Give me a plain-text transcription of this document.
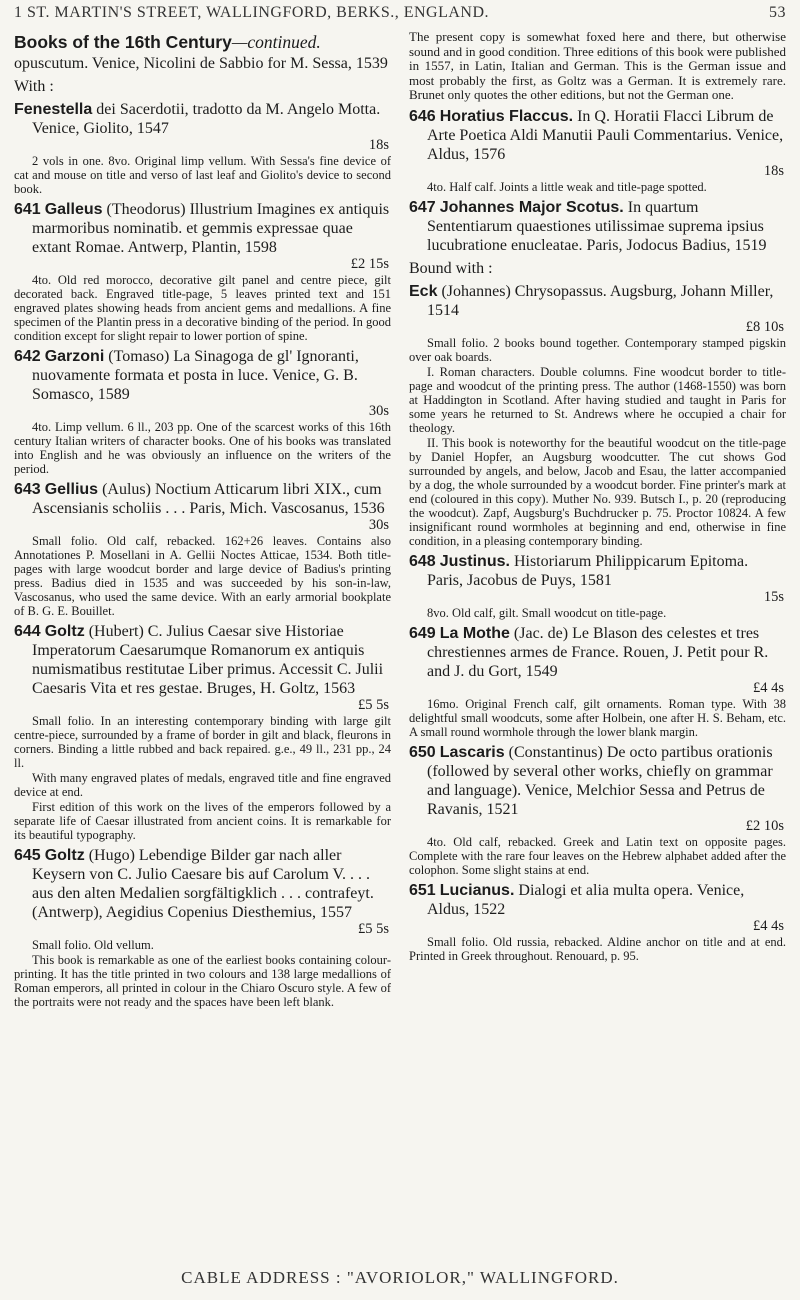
1 ST. MARTIN'S STREET, WALLINGFORD, BERKS., ENGLAND.	53
Books of the 16th Century—continued.

opuscutum. Venice, Nicolini de Sabbio for M. Sessa, 1539

With :

Fenestella dei Sacerdotii, tradotto da M. Angelo Motta. Venice, Giolito, 1547

18s

2 vols in one. 8vo. Original limp vellum. With Sessa's fine device of cat and mouse on title and verso of last leaf and Giolito's device to second book.

641 Galleus (Theodorus) Illustrium Imagines ex antiquis marmoribus nominatib. et gemmis expressae quae extant Romae. Antwerp, Plantin, 1598

£2 15s

4to. Old red morocco, decorative gilt panel and centre piece, gilt decorated back. Engraved title-page, 5 leaves printed text and 151 engraved plates showing heads from ancient gems and medallions. A fine specimen of the Plantin press in a decorative binding of the period. In good condition except for slight repair to lower portion of spine.

642 Garzoni (Tomaso) La Sinagoga de gl' Ignoranti, nuovamente formata et posta in luce. Venice, G. B. Somasco, 1589

30s

4to. Limp vellum. 6 ll., 203 pp. One of the scarcest works of this 16th century Italian writers of character books. One of his books was translated into English and he was obviously an influence on the writers of the period.

643 Gellius (Aulus) Noctium Atticarum libri XIX., cum Ascensianis scholiis . . . Paris, Mich. Vascosanus, 1536

30s

Small folio. Old calf, rebacked. 162+26 leaves. Contains also Annotationes P. Mosellani in A. Gellii Noctes Atticae, 1534. Both title-pages with large woodcut border and large device of Badius's printing press. Badius died in 1535 and was succeeded by his son-in-law, Vascosanus, who used the same device. With an early armorial bookplate of B. G. E. Bouillet.

644 Goltz (Hubert) C. Julius Caesar sive Historiae Imperatorum Caesarumque Romanorum ex antiquis numismatibus restitutae Liber primus. Accessit C. Julii Caesaris Vita et res gestae. Bruges, H. Goltz, 1563

£5 5s

Small folio. In an interesting contemporary binding with large gilt centre-piece, surrounded by a frame of border in gilt and black, fleurons in corners. Binding a little rubbed and back repaired. g.e., 49 ll., 231 pp., 24 ll.

With many engraved plates of medals, engraved title and fine engraved device at end.

First edition of this work on the lives of the emperors followed by a separate life of Caesar illustrated from ancient coins. It is remarkable for its beautiful typography.

645 Goltz (Hugo) Lebendige Bilder gar nach aller Keysern von C. Julio Caesare bis auf Carolum V. . . . aus den alten Medalien sorgfältigklich . . . contrafeyt. (Antwerp), Aegidius Copenius Diesthemius, 1557

£5 5s

Small folio. Old vellum.

This book is remarkable as one of the earliest books containing colour-printing. It has the title printed in two colours and 138 large medallions of Roman emperors, all printed in colour in the Chiaro Oscuro style. A few of the portraits were not ready and the spaces have been left blank.

The present copy is somewhat foxed here and there, but otherwise sound and in good condition. Three editions of this book were published in 1557, in Latin, Italian and German. This is the German issue and most probably the first, as Goltz was a German. It is extremely rare. Brunet only quotes the other editions, but not the German one.

646 Horatius Flaccus. In Q. Horatii Flacci Librum de Arte Poetica Aldi Manutii Pauli Commentarius. Venice, Aldus, 1576

18s

4to. Half calf. Joints a little weak and title-page spotted.

647 Johannes Major Scotus. In quartum Sententiarum quaestiones utilissimae suprema ipsius lucubratione enucleatae. Paris, Jodocus Badius, 1519

Bound with :

Eck (Johannes) Chrysopassus. Augsburg, Johann Miller, 1514

£8 10s

Small folio. 2 books bound together. Contemporary stamped pigskin over oak boards.

I. Roman characters. Double columns. Fine woodcut border to title-page and woodcut of the printing press. The author (1468-1550) was born at Haddington in Scotland. After having studied and taught in Paris for some years he returned to St. Andrews where he occupied a chair for theology.

II. This book is noteworthy for the beautiful woodcut on the title-page by Daniel Hopfer, an Augsburg woodcutter. The cut shows God surrounded by angels, and below, Jacob and Esau, the latter accompanied by a dog, the whole surrounded by a woodcut border. Fine printer's mark at end (coloured in this copy). Muther No. 939. Butsch I., p. 20 (reproducing the woodcut). Zapf, Augsburg's Buchdrucker p. 75. Proctor 10824. A few insignificant round wormholes at beginning and end, otherwise in fine condition, in a pleasing contemporary binding.

648 Justinus. Historiarum Philippicarum Epitoma. Paris, Jacobus de Puys, 1581

15s

8vo. Old calf, gilt. Small woodcut on title-page.

649 La Mothe (Jac. de) Le Blason des celestes et tres chrestiennes armes de France. Rouen, J. Petit pour R. and J. du Gort, 1549

£4 4s

16mo. Original French calf, gilt ornaments. Roman type. With 38 delightful small woodcuts, some after Holbein, one after H. S. Beham, etc. A small round wormhole through the lower blank margin.

650 Lascaris (Constantinus) De octo partibus orationis (followed by several other works, chiefly on grammar and language). Venice, Melchior Sessa and Petrus de Ravanis, 1521

£2 10s

4to. Old calf, rebacked. Greek and Latin text on opposite pages. Complete with the rare four leaves on the Hebrew alphabet added after the colophon. Some slight stains at end.

651 Lucianus. Dialogi et alia multa opera. Venice, Aldus, 1522

£4 4s

Small folio. Old russia, rebacked. Aldine anchor on title and at end. Printed in Greek throughout. Renouard, p. 95.

CABLE ADDRESS : "AVORIOLOR," WALLINGFORD.
